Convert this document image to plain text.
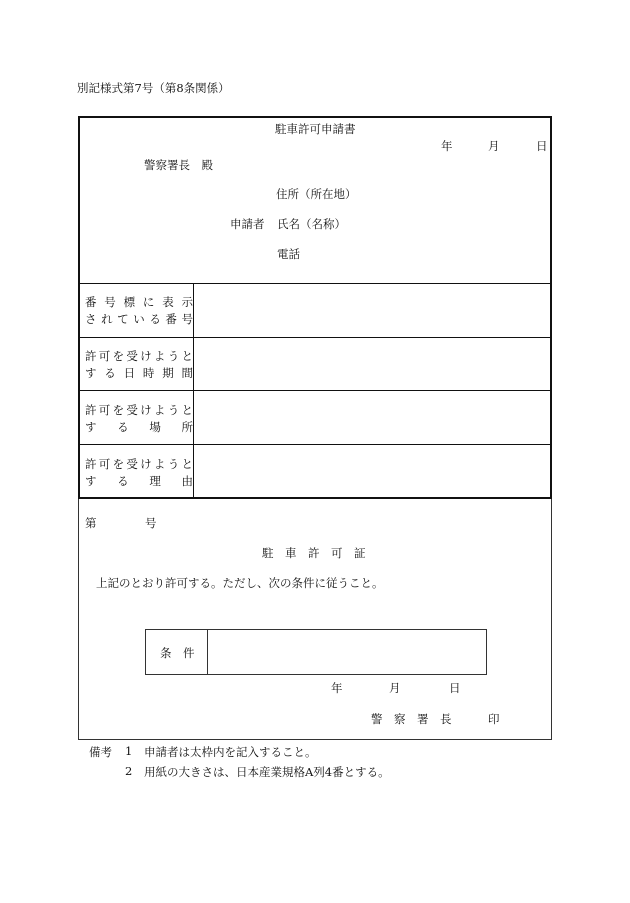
別記様式第7号（第8条関係）
駐車許可申請書
年	月	日
警察署長　殿
住所（所在地）
申請者 氏名（名称）
電話
番 号 標 に 表 示
さ れ て い る 番 号
許 可 を 受 け よ う と
す る 日 時 期 間
許 可 を 受 け よ う と
す る 場 所
許 可 を 受 け よ う と
す る 理 由
第	号
駐　車　許　可　証
上記のとおり許可する。ただし、次の条件に従うこと。
条　件
年	月	日
警　察　署　長	印
備考 1 申請者は太枠内を記入すること。
2 用紙の大きさは、日本産業規格A列4番とする。
